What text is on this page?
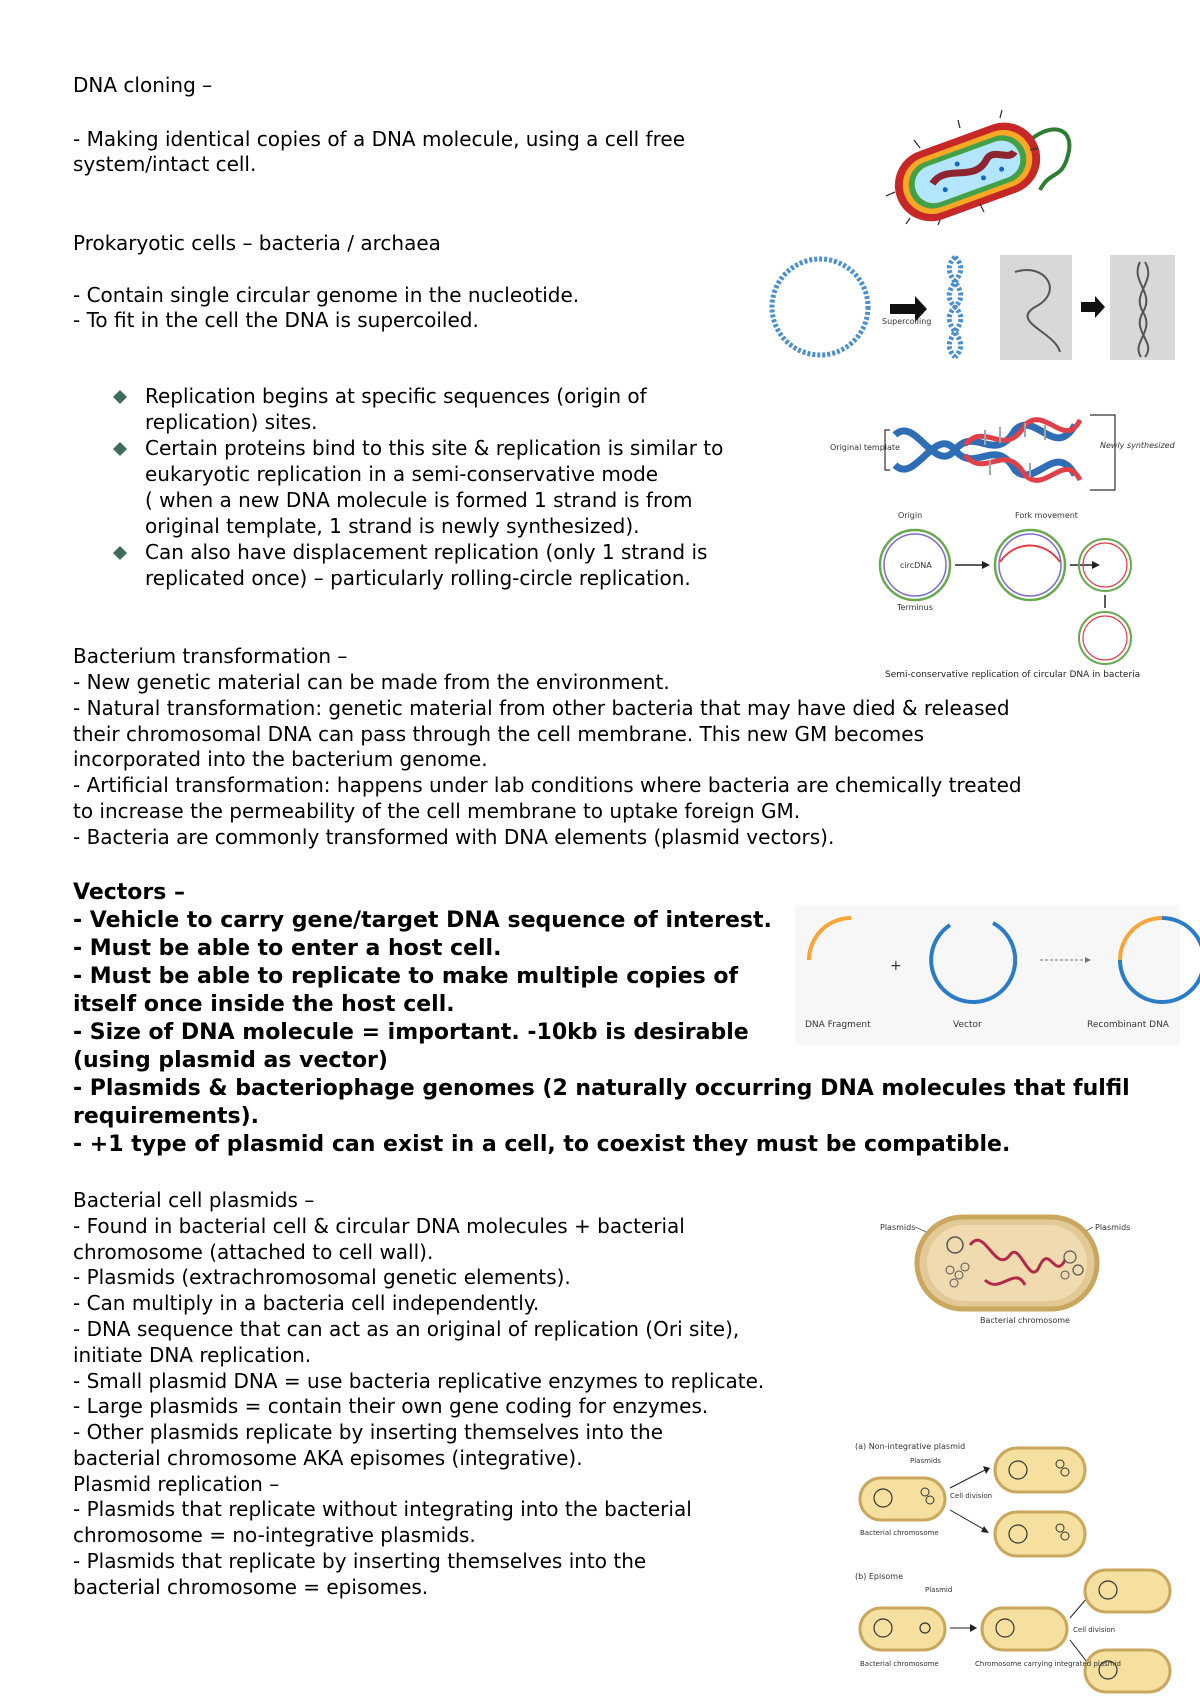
DNA cloning –
- Making identical copies of a DNA molecule, using a cell free
system/intact cell.
Prokaryotic cells – bacteria / archaea
- Contain single circular genome in the nucleotide.
- To fit in the cell the DNA is supercoiled.
Replication begins at specific sequences (origin of
replication) sites.
Certain proteins bind to this site & replication is similar to
eukaryotic replication in a semi-conservative mode
( when a new DNA molecule is formed 1 strand is from
original template, 1 strand is newly synthesized).
Can also have displacement replication (only 1 strand is
replicated once) – particularly rolling-circle replication.
Bacterium transformation –
- New genetic material can be made from the environment.
- Natural transformation: genetic material from other bacteria that may have died & released
their chromosomal DNA can pass through the cell membrane. This new GM becomes
incorporated into the bacterium genome.
- Artificial transformation: happens under lab conditions where bacteria are chemically treated
to increase the permeability of the cell membrane to uptake foreign GM.
- Bacteria are commonly transformed with DNA elements (plasmid vectors).
Vectors –
- Vehicle to carry gene/target DNA sequence of interest.
- Must be able to enter a host cell.
- Must be able to replicate to make multiple copies of
itself once inside the host cell.
- Size of DNA molecule = important. -10kb is desirable
(using plasmid as vector)
- Plasmids & bacteriophage genomes (2 naturally occurring DNA molecules that fulfil
requirements).
- +1 type of plasmid can exist in a cell, to coexist they must be compatible.
Bacterial cell plasmids –
- Found in bacterial cell & circular DNA molecules + bacterial
chromosome (attached to cell wall).
- Plasmids (extrachromosomal genetic elements).
- Can multiply in a bacteria cell independently.
- DNA sequence that can act as an original of replication (Ori site),
initiate DNA replication.
- Small plasmid DNA = use bacteria replicative enzymes to replicate.
- Large plasmids = contain their own gene coding for enzymes.
- Other plasmids replicate by inserting themselves into the
bacterial chromosome AKA episomes (integrative).
Plasmid replication –
- Plasmids that replicate without integrating into the bacterial
chromosome = no-integrative plasmids.
- Plasmids that replicate by inserting themselves into the
bacterial chromosome = episomes.
Supercoiling
Original template	Newly synthesized
Origin
circDNA
Terminus
Fork movement
Semi-conservative replication of circular DNA in bacteria
+
DNA Fragment	Vector	Recombinant DNA
Plasmids	Plasmids
Bacterial chromosome
(a) Non-integrative plasmid
Plasmids
Cell division
Bacterial chromosome
(b) Episome
Plasmid
Cell division
Bacterial chromosome	Chromosome carrying integrated plasmid
